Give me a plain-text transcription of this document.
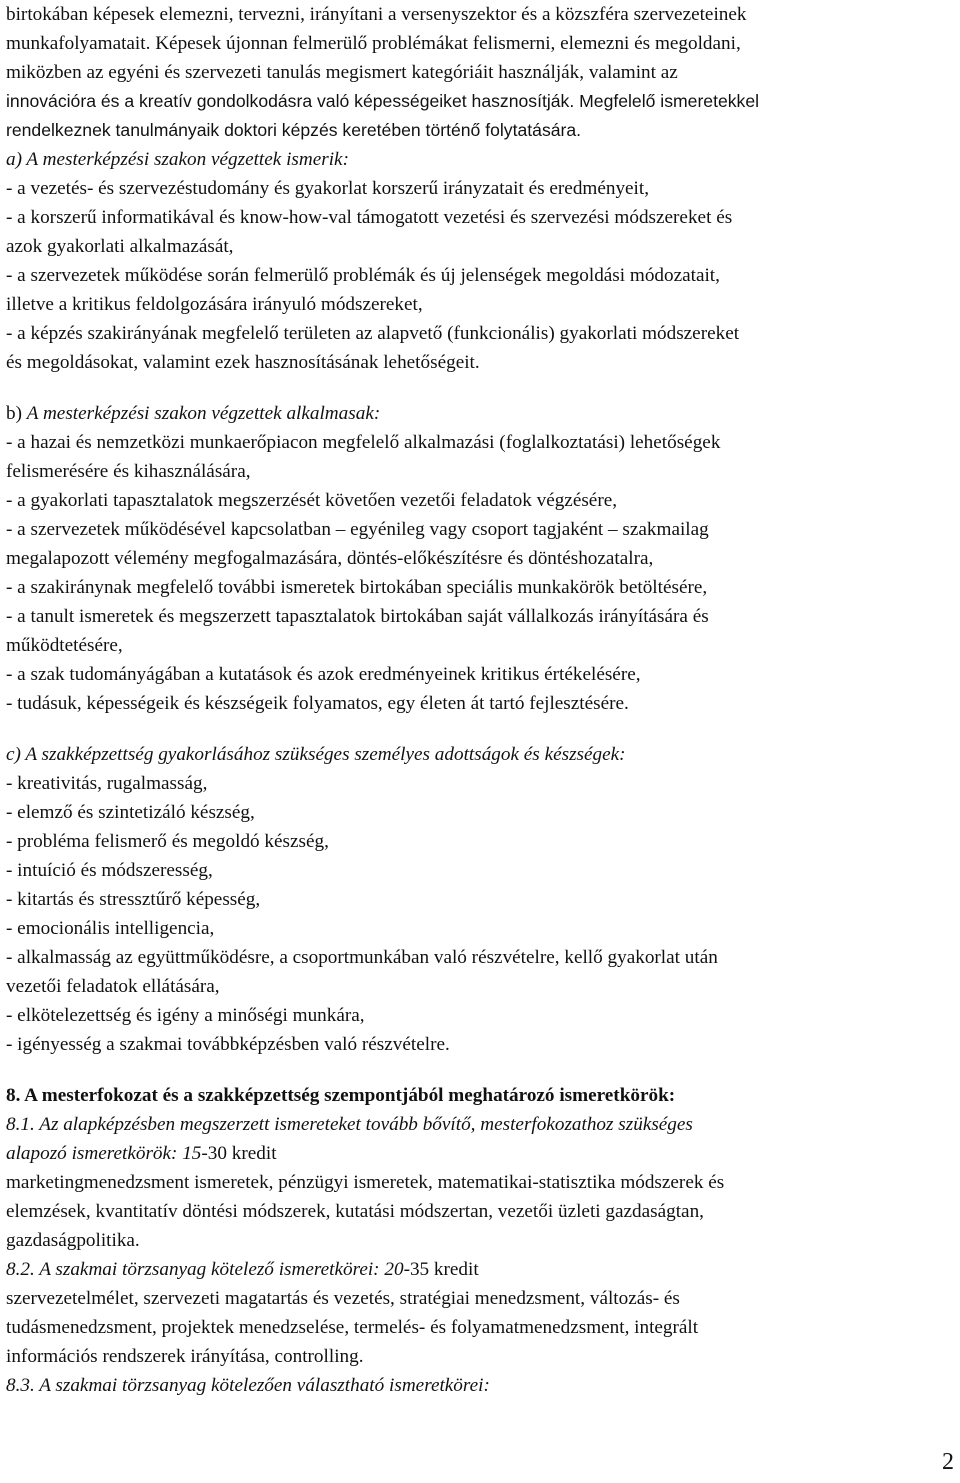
birtokában képesek elemezni, tervezni, irányítani a versenyszektor és a közszféra szervezeteinek
munkafolyamatait. Képesek újonnan felmerülő problémákat felismerni, elemezni és megoldani,
miközben az egyéni és szervezeti tanulás megismert kategóriáit használják, valamint az
innovációra és a kreatív gondolkodásra való képességeiket hasznosítják. Megfelelő ismeretekkel
rendelkeznek tanulmányaik doktori képzés keretében történő folytatására.
a) A mesterképzési szakon végzettek ismerik:
- a vezetés- és szervezéstudomány és gyakorlat korszerű irányzatait és eredményeit,
- a korszerű informatikával és know-how-val támogatott vezetési és szervezési módszereket és
azok gyakorlati alkalmazását,
- a szervezetek működése során felmerülő problémák és új jelenségek megoldási módozatait,
illetve a kritikus feldolgozására irányuló módszereket,
- a képzés szakirányának megfelelő területen az alapvető (funkcionális) gyakorlati módszereket
és megoldásokat, valamint ezek hasznosításának lehetőségeit.
b) A mesterképzési szakon végzettek alkalmasak:
- a hazai és nemzetközi munkaerőpiacon megfelelő alkalmazási (foglalkoztatási) lehetőségek
felismerésére és kihasználására,
- a gyakorlati tapasztalatok megszerzését követően vezetői feladatok végzésére,
- a szervezetek működésével kapcsolatban – egyénileg vagy csoport tagjaként – szakmailag
megalapozott vélemény megfogalmazására, döntés-előkészítésre és döntéshozatalra,
- a szakiránynak megfelelő további ismeretek birtokában speciális munkakörök betöltésére,
- a tanult ismeretek és megszerzett tapasztalatok birtokában saját vállalkozás irányítására és
működtetésére,
- a szak tudományágában a kutatások és azok eredményeinek kritikus értékelésére,
- tudásuk, képességeik és készségeik folyamatos, egy életen át tartó fejlesztésére.
c) A szakképzettség gyakorlásához szükséges személyes adottságok és készségek:
- kreativitás, rugalmasság,
- elemző és szintetizáló készség,
- probléma felismerő és megoldó készség,
- intuíció és módszeresség,
- kitartás és stressztűrő képesség,
- emocionális intelligencia,
- alkalmasság az együttműködésre, a csoportmunkában való részvételre, kellő gyakorlat után
vezetői feladatok ellátására,
- elkötelezettség és igény a minőségi munkára,
- igényesség a szakmai továbbképzésben való részvételre.
8. A mesterfokozat és a szakképzettség szempontjából meghatározó ismeretkörök:
8.1. Az alapképzésben megszerzett ismereteket tovább bővítő, mesterfokozathoz szükséges
alapozó ismeretkörök: 15-30 kredit
marketingmenedzsment ismeretek, pénzügyi ismeretek, matematikai-statisztika módszerek és
elemzések, kvantitatív döntési módszerek, kutatási módszertan, vezetői üzleti gazdaságtan,
gazdaságpolitika.
8.2. A szakmai törzsanyag kötelező ismeretkörei: 20-35 kredit
szervezetelmélet, szervezeti magatartás és vezetés, stratégiai menedzsment, változás- és
tudásmenedzsment, projektek menedzselése, termelés- és folyamatmenedzsment, integrált
információs rendszerek irányítása, controlling.
8.3. A szakmai törzsanyag kötelezően választható ismeretkörei:
2
